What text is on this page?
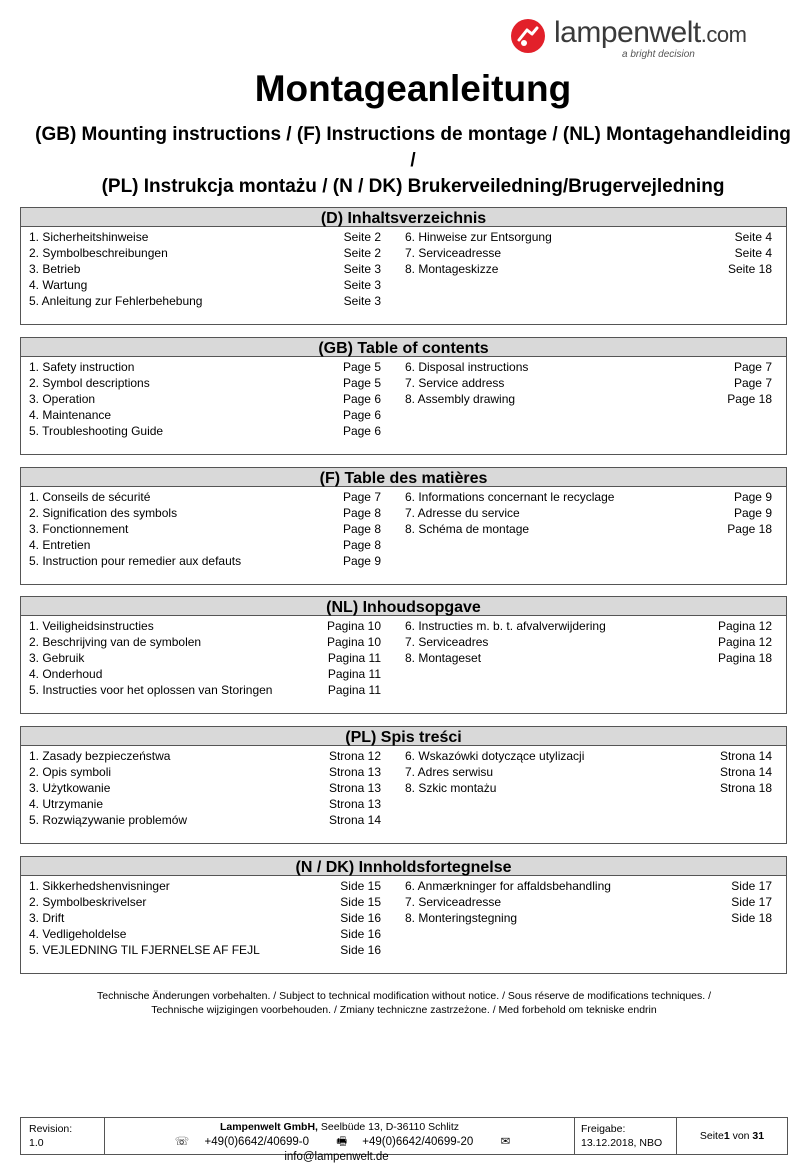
lampenwelt.com
a bright decision
Montageanleitung
(GB) Mounting instructions / (F) Instructions de montage / (NL) Montagehandleiding /
(PL) Instrukcja montażu / (N / DK) Brukerveiledning/Brugervejledning
(D) Inhaltsverzeichnis
1. Sicherheitshinweise	Seite 2
2. Symbolbeschreibungen	Seite 2
3. Betrieb	Seite 3
4. Wartung	Seite 3
5. Anleitung zur Fehlerbehebung	Seite 3
6. Hinweise zur Entsorgung	Seite 4
7. Serviceadresse	Seite 4
8. Montageskizze	Seite 18
(GB) Table of contents
1. Safety instruction	Page 5
2. Symbol descriptions	Page 5
3. Operation	Page 6
4. Maintenance	Page 6
5. Troubleshooting Guide	Page 6
6. Disposal instructions	Page 7
7. Service address	Page 7
8. Assembly drawing	Page 18
(F) Table des matières
1. Conseils de sécurité	Page 7
2. Signification des symbols	Page 8
3. Fonctionnement	Page 8
4. Entretien	Page 8
5. Instruction pour remedier aux defauts	Page 9
6. Informations concernant le recyclage	Page 9
7. Adresse du service	Page 9
8. Schéma de montage	Page 18
(NL) Inhoudsopgave
1. Veiligheidsinstructies	Pagina 10
2. Beschrijving van de symbolen	Pagina 10
3. Gebruik	Pagina 11
4. Onderhoud	Pagina 11
5. Instructies voor het oplossen van Storingen	Pagina 11
6. Instructies m. b. t. afvalverwijdering	Pagina 12
7. Serviceadres	Pagina 12
8. Montageset	Pagina 18
(PL) Spis treści
1. Zasady bezpieczeństwa	Strona 12
2. Opis symboli	Strona 13
3. Użytkowanie	Strona 13
4. Utrzymanie	Strona 13
5. Rozwiązywanie problemów	Strona 14
6. Wskazówki dotyczące utylizacji	Strona 14
7. Adres serwisu	Strona 14
8. Szkic montażu	Strona 18
(N / DK) Innholdsfortegnelse
1. Sikkerhedshenvisninger	Side 15
2. Symbolbeskrivelser	Side 15
3. Drift	Side 16
4. Vedligeholdelse	Side 16
5. VEJLEDNING TIL FJERNELSE AF FEJL	Side 16
6. Anmærkninger for affaldsbehandling	Side 17
7. Serviceadresse	Side 17
8. Monteringstegning	Side 18
Technische Änderungen vorbehalten. / Subject to technical modification without notice. / Sous réserve de modifications techniques. /
Technische wijzigingen voorbehouden. / Zmiany techniczne zastrzeżone. / Med forbehold om tekniske endrin
Revision:
1.0
Lampenwelt GmbH, Seelbüde 13, D-36110 Schlitz
☏ +49(0)6642/40699-0 🖷 +49(0)6642/40699-20 ✉ info@lampenwelt.de
Freigabe:
13.12.2018, NBO
Seite 1 von 31
